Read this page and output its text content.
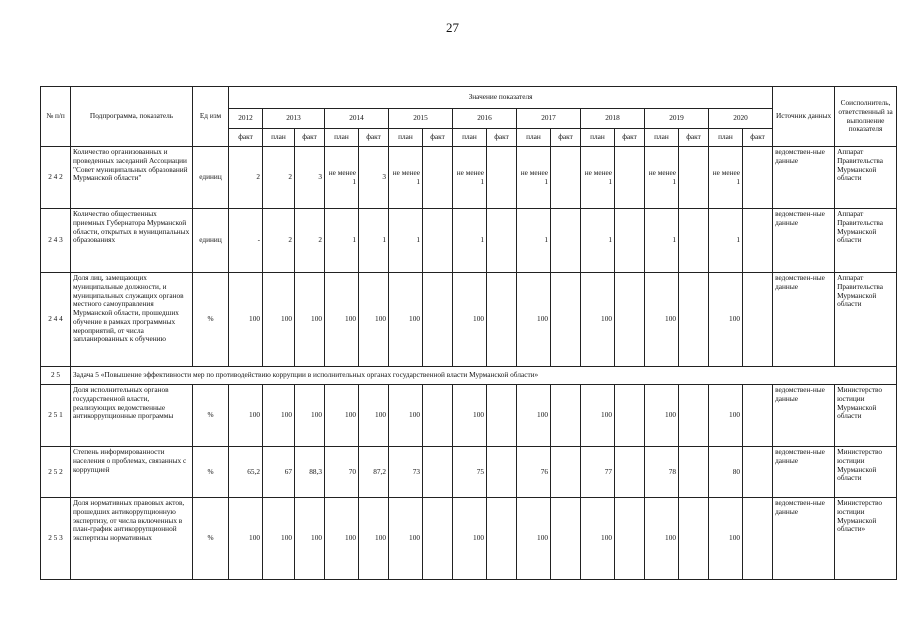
27
№ п/п	Подпрограмма, показатель	Ед изм	Значение показателя																	Источник данных	Соисполнитель, ответственный за выполнение показателя
			2012	2013		2014		2015		2016		2017		2018		2019		2020			
			факт	план	факт	план	факт	план	факт	план	факт	план	факт	план	факт	план	факт	план	факт		
2 4 2	Количество организованных и проведенных заседаний Ассоциации "Совет муниципальных образований Мурманской области"	единиц	2	2	3	не менее 1	3	не менее 1		не менее 1		не менее 1		не менее 1		не менее 1		не менее 1		ведомствен-ные данные	Аппарат Правительства Мурманской области
2 4 3	Количество общественных приемных Губернатора Мурманской области, открытых в муниципальных образованиях	единиц	-	2	2	1	1	1		1		1		1		1		1		ведомствен-ные данные	Аппарат Правительства Мурманской области
2 4 4	Доля лиц, замещающих муниципальные должности, и муниципальных служащих органов местного самоуправления Мурманской области, прошедших обучение в рамках программных мероприятий, от числа запланированных к обучению	%	100	100	100	100	100	100		100		100		100		100		100		ведомствен-ные данные	Аппарат Правительства Мурманской области
2 5	Задача 5 «Повышение эффективности мер по противодействию коррупции в исполнительных органах государственной власти Мурманской области»																				
2 5 1	Доля исполнительных органов государственной власти, реализующих ведомственные антикоррупционные программы	%	100	100	100	100	100	100		100		100		100		100		100		ведомствен-ные данные	Министерство юстиции Мурманской области
2 5 2	Степень информированности населения о проблемах, связанных с коррупцией	%	65,2	67	88,3	70	87,2	73		75		76		77		78		80		ведомствен-ные данные	Министерство юстиции Мурманской области
2 5 3	Доля нормативных правовых актов, прошедших антикоррупционную экспертизу, от числа включенных в план-график антикоррупционной экспертизы нормативных	%	100	100	100	100	100	100		100		100		100		100		100		ведомствен-ные данные	Министерство юстиции Мурманской области»
